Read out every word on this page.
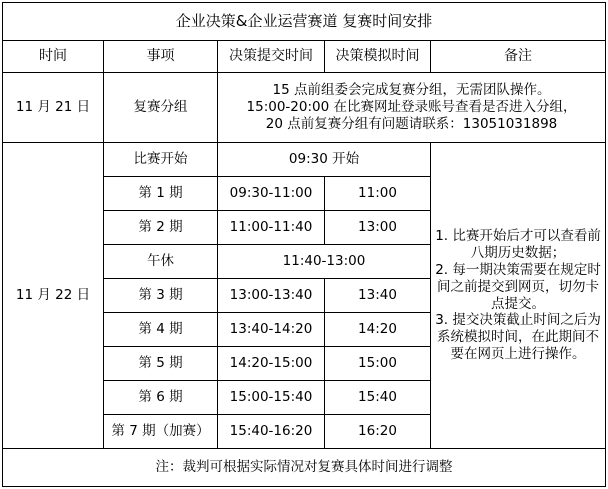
企业决策&企业运营赛道 复赛时间安排				
时间	事项	决策提交时间	决策模拟时间	备注
11 月 21 日	复赛分组	15 点前组委会完成复赛分组，无需团队操作。
15:00-20:00 在比赛网址登录账号查看是否进入分组，
20 点前复赛分组有问题请联系：13051031898		

11 月 22 日	比赛开始	09:30 开始		1. 比赛开始后才可以查看前八期历史数据；

2. 每一期决策需要在规定时间之前提交到网页，切勿卡点提交。

3. 提交决策截止时间之后为系统模拟时间，在此期间不要在网页上进行操作。

	第 1 期	09:30-11:00	11:00	
	第 2 期	11:00-11:40	13:00	
	午休	11:40-13:00		
	第 3 期	13:00-13:40	13:40	
	第 4 期	13:40-14:20	14:20	
	第 5 期	14:20-15:00	15:00	
	第 6 期	15:00-15:40	15:40	
	第 7 期（加赛）	15:40-16:20	16:20	
注：裁判可根据实际情况对复赛具体时间进行调整				
